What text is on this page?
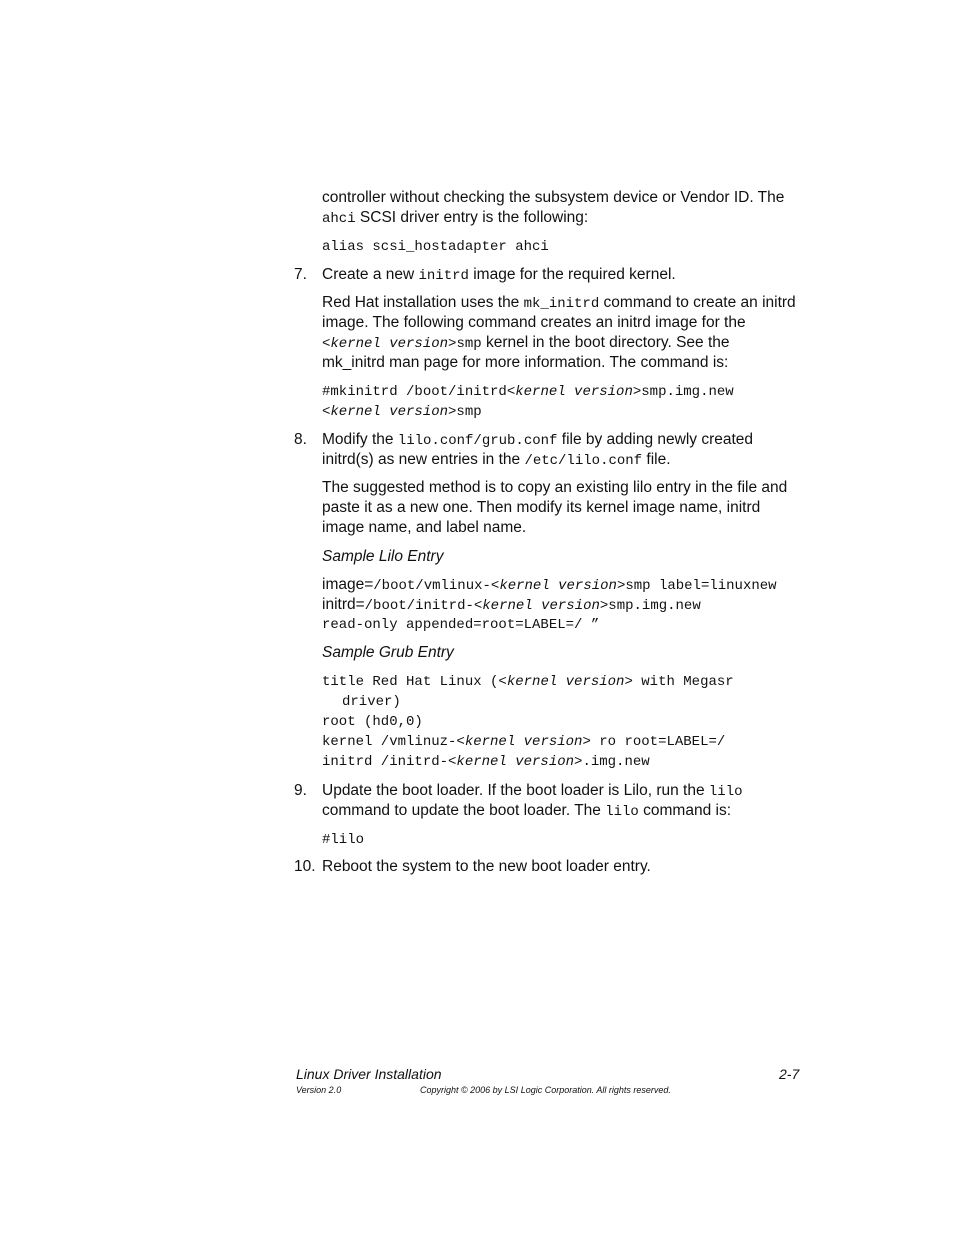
controller without checking the subsystem device or Vendor ID. The
ahci SCSI driver entry is the following:
alias scsi_hostadapter ahci
7. Create a new initrd image for the required kernel.
Red Hat installation uses the mk_initrd command to create an initrd
image. The following command creates an initrd image for the
<kernel version>smp kernel in the boot directory. See the
mk_initrd man page for more information. The command is:
#mkinitrd /boot/initrd<kernel version>smp.img.new
<kernel version>smp
8. Modify the lilo.conf/grub.conf file by adding newly created
initrd(s) as new entries in the /etc/lilo.conf file.
The suggested method is to copy an existing lilo entry in the file and
paste it as a new one. Then modify its kernel image name, initrd
image name, and label name.
Sample Lilo Entry
image=/boot/vmlinux-<kernel version>smp label=linuxnew
initrd=/boot/initrd-<kernel version>smp.img.new
read-only appended=root=LABEL=/ ”
Sample Grub Entry
title Red Hat Linux (<kernel version> with Megasr
driver)
root (hd0,0)
kernel /vmlinuz-<kernel version> ro root=LABEL=/
initrd /initrd-<kernel version>.img.new
9. Update the boot loader. If the boot loader is Lilo, run the lilo
command to update the boot loader. The lilo command is:
#lilo
10. Reboot the system to the new boot loader entry.
Linux Driver Installation	2-7
Version 2.0	Copyright © 2006 by LSI Logic Corporation. All rights reserved.
